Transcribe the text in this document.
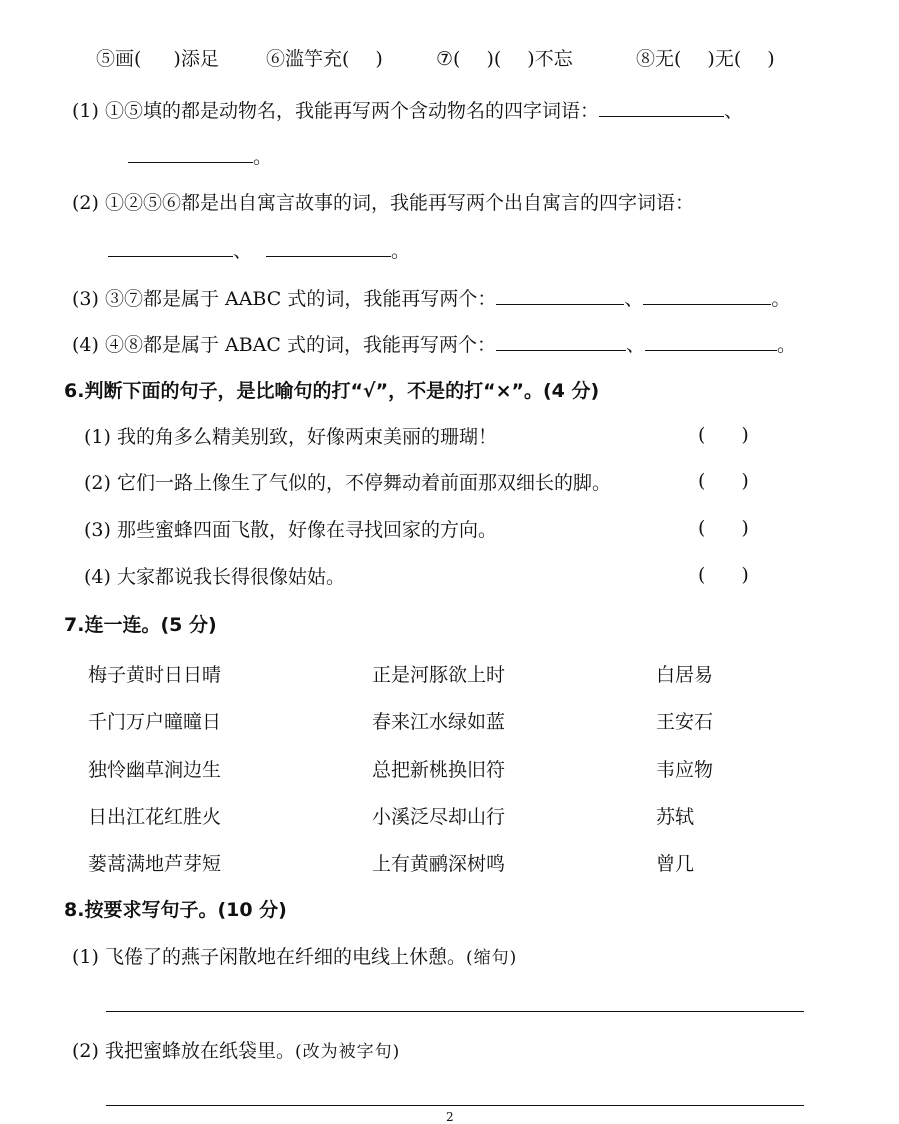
⑤画( )添足 ⑥滥竽充( )	⑦( )( )不忘	⑧无( )无( )
(1) ①⑤填的都是动物名，我能再写两个含动物名的四字词语：	、
。
(2) ①②⑤⑥都是出自寓言故事的词，我能再写两个出自寓言的四字词语：
、	。
(3) ③⑦都是属于 AABC 式的词，我能再写两个：	、	。
(4) ④⑧都是属于 ABAC 式的词，我能再写两个：	、	。
6.判断下面的句子，是比喻句的打“√”，不是的打“×”。(4 分)
(1) 我的角多么精美别致，好像两束美丽的珊瑚！	( )
(2) 它们一路上像生了气似的，不停舞动着前面那双细长的脚。	( )
(3) 那些蜜蜂四面飞散，好像在寻找回家的方向。	( )
(4) 大家都说我长得很像姑姑。	( )
7.连一连。(5 分)
梅子黄时日日晴	正是河豚欲上时	白居易
千门万户曈曈日	春来江水绿如蓝	王安石
独怜幽草涧边生	总把新桃换旧符	韦应物
日出江花红胜火	小溪泛尽却山行	苏轼
蒌蒿满地芦芽短	上有黄鹂深树鸣	曾几
8.按要求写句子。(10 分)
(1) 飞倦了的燕子闲散地在纤细的电线上休憩。(缩句)
(2) 我把蜜蜂放在纸袋里。(改为被字句)
2
